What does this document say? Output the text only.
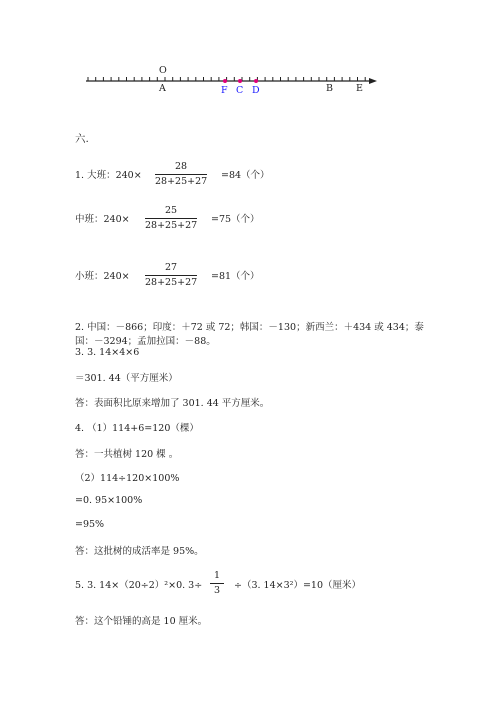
O
A	F C D	B E
六.
1. 大班：240×
28
28+25+27
=84（个）
中班：240×
25
28+25+27
=75（个）
小班：240×
27
28+25+27
=81（个）
2. 中国：－866；印度：＋72 或 72；韩国：－130；新西兰：＋434 或 434；泰
国：－3294；孟加拉国：－88。
3. 3. 14×4×6
＝301. 44（平方厘米）
答：表面积比原来增加了 301. 44 平方厘米。
4. （1）114+6=120（棵）
答：一共植树 120 棵 。
（2）114÷120×100%
=0. 95×100%
=95%
答：这批树的成活率是 95%。
5. 3. 14×（20÷2）²×0. 3÷
1
3	÷（3. 14×3²）=10（厘米）
答：这个铅锤的高是 10 厘米。
